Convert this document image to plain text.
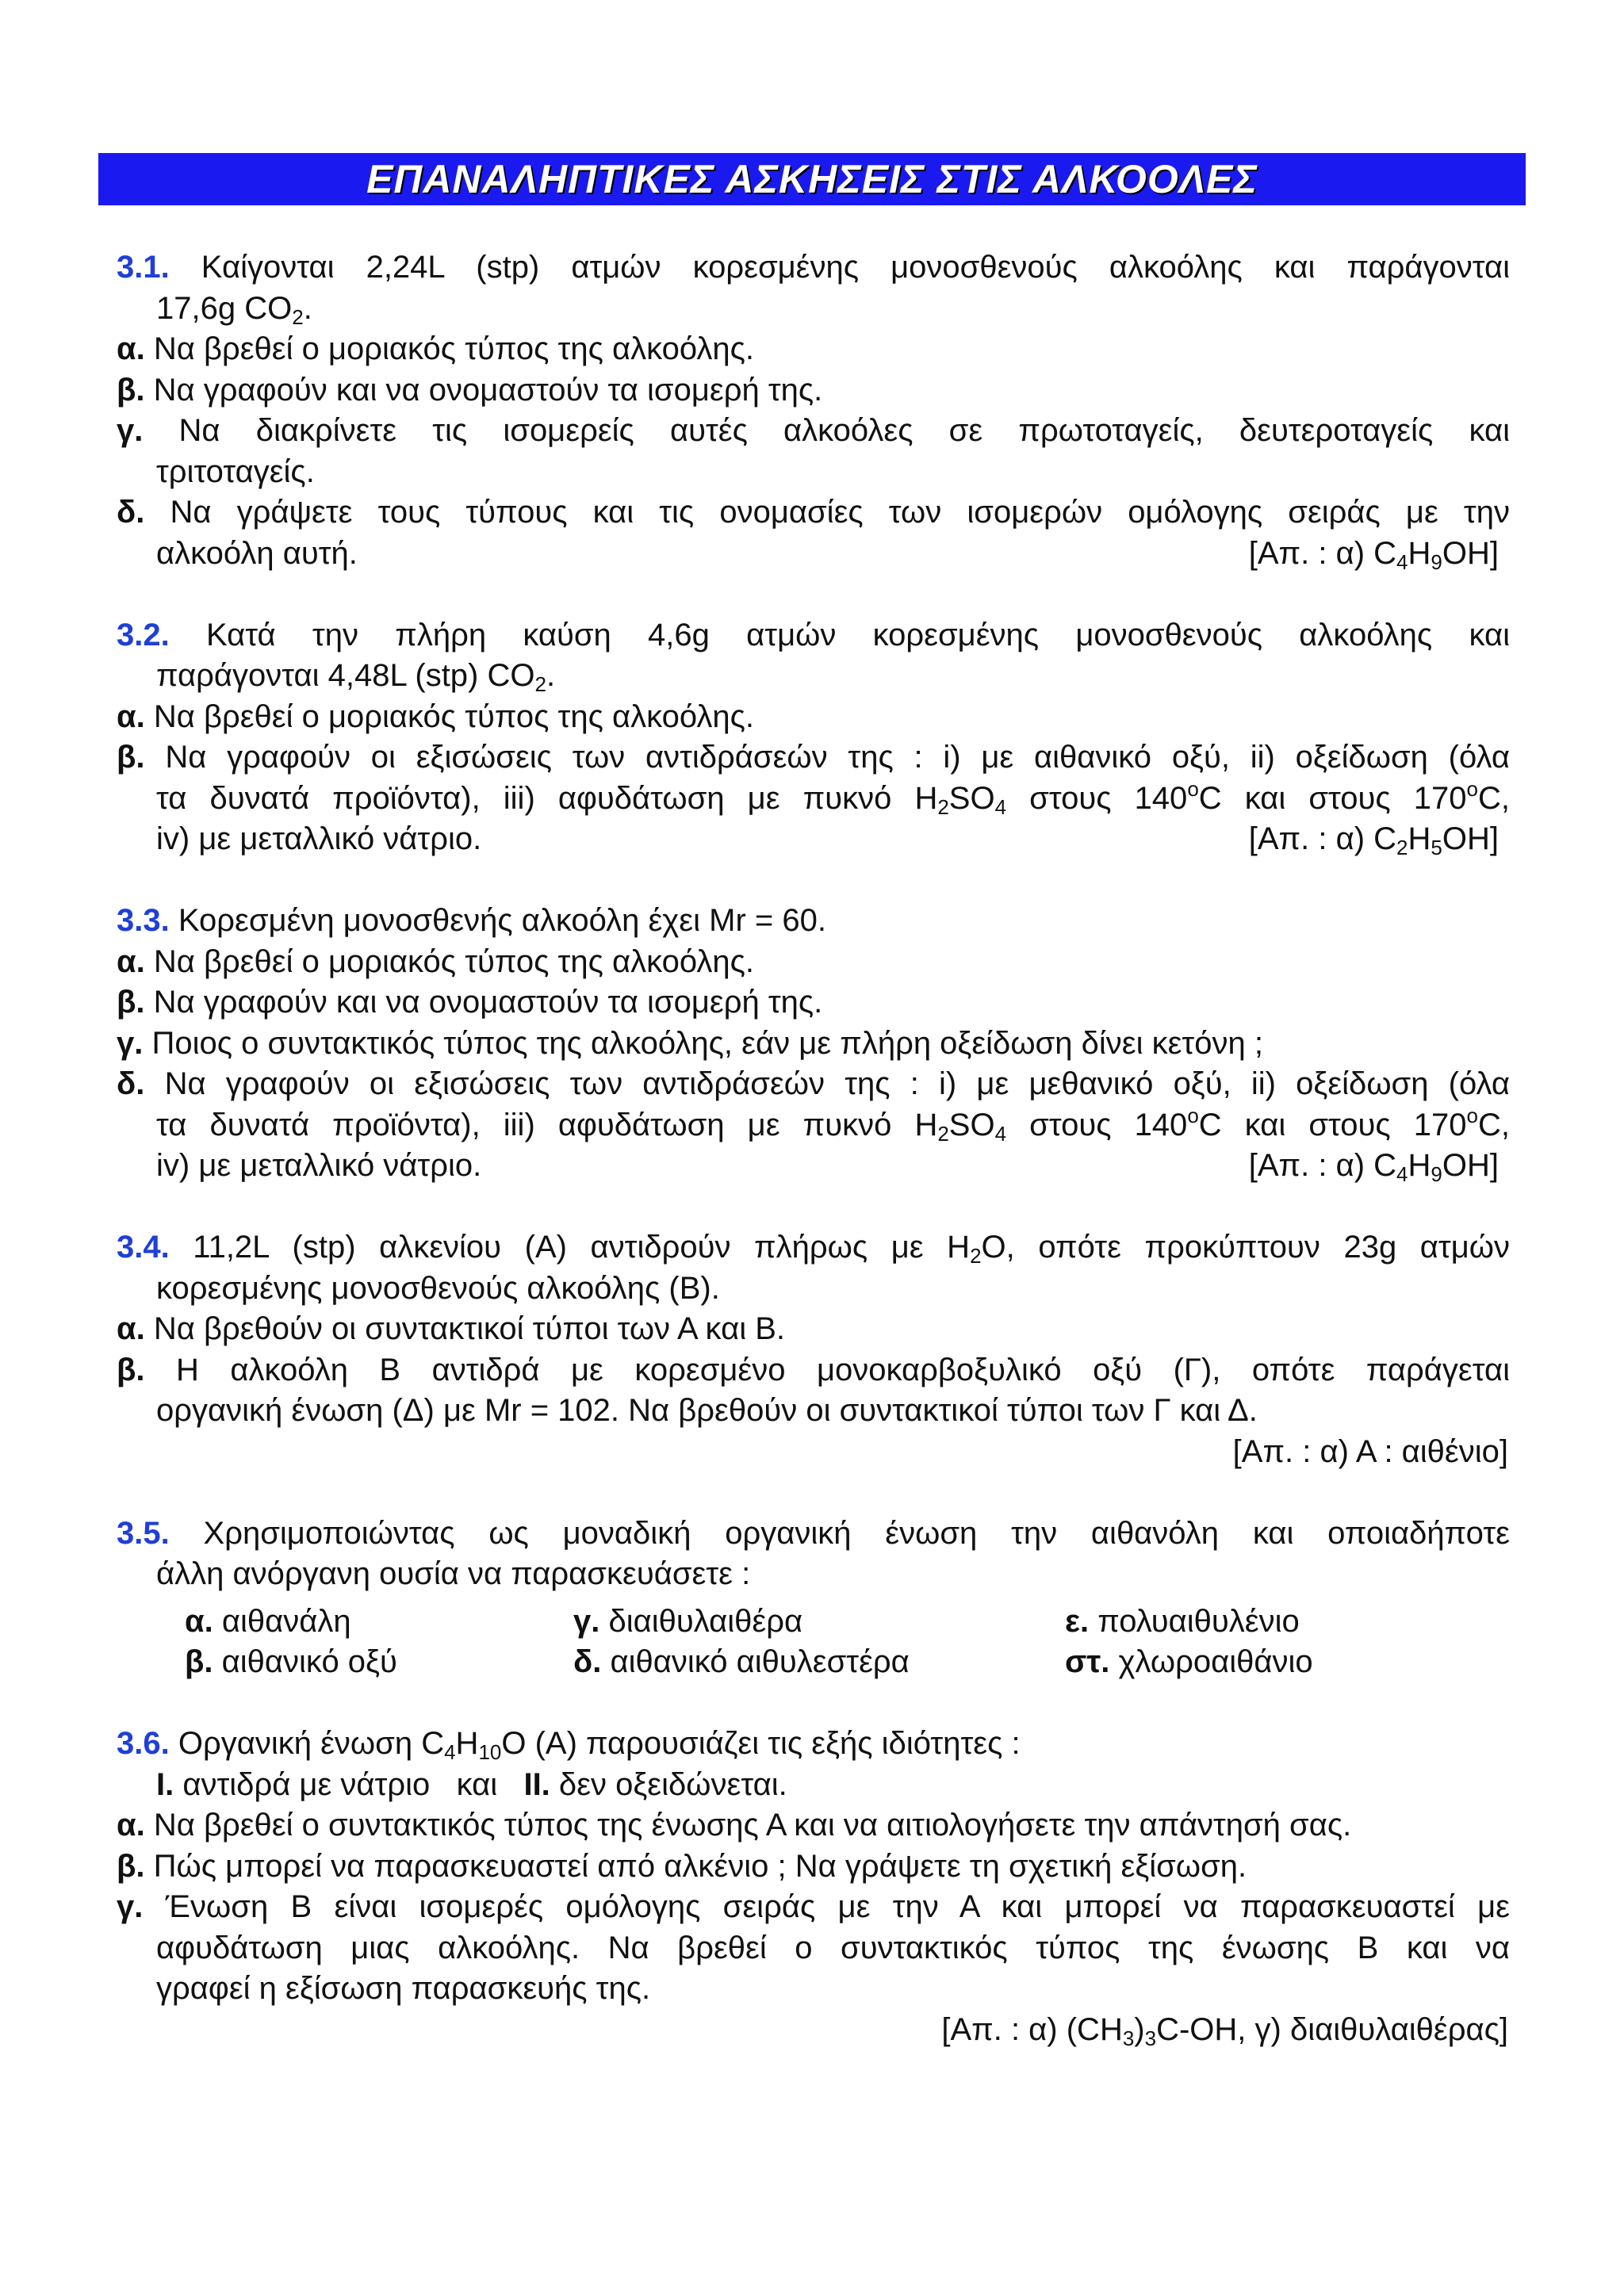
ΕΠΑΝΑΛΗΠΤΙΚΕΣ ΑΣΚΗΣΕΙΣ ΣΤΙΣ ΑΛΚΟΟΛΕΣ
3.1. Καίγονται 2,24L (stp) ατμών κορεσμένης μονοσθενούς αλκοόλης και παράγονται
17,6g $CO_2$.
α. Να βρεθεί ο μοριακός τύπος της αλκοόλης.
β. Να γραφούν και να ονομαστούν τα ισομερή της.
γ. Να διακρίνετε τις ισομερείς αυτές αλκοόλες σε πρωτοταγείς, δευτεροταγείς και
τριτοταγείς.
δ. Να γράψετε τους τύπους και τις ονομασίες των ισομερών ομόλογης σειράς με την
αλκοόλη αυτή.	[Απ. : α) $C_4H_9OH$]
3.2. Κατά την πλήρη καύση 4,6g ατμών κορεσμένης μονοσθενούς αλκοόλης και
παράγονται 4,48L (stp) $CO_2$.
α. Να βρεθεί ο μοριακός τύπος της αλκοόλης.
β. Να γραφούν οι εξισώσεις των αντιδράσεών της : i) με αιθανικό οξύ, ii) οξείδωση (όλα
τα δυνατά προϊόντα), iii) αφυδάτωση με πυκνό $H_2SO_4$ στους 140$^o$C και στους 170$^o$C,
iv) με μεταλλικό νάτριο.	[Απ. : α) $C_2H_5OH$]
3.3. Κορεσμένη μονοσθενής αλκοόλη έχει Mr = 60.
α. Να βρεθεί ο μοριακός τύπος της αλκοόλης.
β. Να γραφούν και να ονομαστούν τα ισομερή της.
γ. Ποιος ο συντακτικός τύπος της αλκοόλης, εάν με πλήρη οξείδωση δίνει κετόνη ;
δ. Να γραφούν οι εξισώσεις των αντιδράσεών της : i) με μεθανικό οξύ, ii) οξείδωση (όλα
τα δυνατά προϊόντα), iii) αφυδάτωση με πυκνό $H_2SO_4$ στους 140$^o$C και στους 170$^o$C,
iv) με μεταλλικό νάτριο.	[Απ. : α) $C_4H_9OH$]
3.4. 11,2L (stp) αλκενίου (Α) αντιδρούν πλήρως με $H_2O$, οπότε προκύπτουν 23g ατμών
κορεσμένης μονοσθενούς αλκοόλης (Β).
α. Να βρεθούν οι συντακτικοί τύποι των Α και Β.
β. Η αλκοόλη Β αντιδρά με κορεσμένο μονοκαρβοξυλικό οξύ (Γ), οπότε παράγεται
οργανική ένωση (Δ) με Mr = 102. Να βρεθούν οι συντακτικοί τύποι των Γ και Δ.
[Απ. : α) Α : αιθένιο]
3.5. Χρησιμοποιώντας ως μοναδική οργανική ένωση την αιθανόλη και οποιαδήποτε
άλλη ανόργανη ουσία να παρασκευάσετε :
α. αιθανάλη	γ. διαιθυλαιθέρα	ε. πολυαιθυλένιο
β. αιθανικό οξύ	δ. αιθανικό αιθυλεστέρα	στ. χλωροαιθάνιο
3.6. Οργανική ένωση $C_4H_{10}O$ (Α) παρουσιάζει τις εξής ιδιότητες :
I. αντιδρά με νάτριο και II. δεν οξειδώνεται.
α. Να βρεθεί ο συντακτικός τύπος της ένωσης Α και να αιτιολογήσετε την απάντησή σας.
β. Πώς μπορεί να παρασκευαστεί από αλκένιο ; Να γράψετε τη σχετική εξίσωση.
γ. Ένωση Β είναι ισομερές ομόλογης σειράς με την Α και μπορεί να παρασκευαστεί με
αφυδάτωση μιας αλκοόλης. Να βρεθεί ο συντακτικός τύπος της ένωσης Β και να
γραφεί η εξίσωση παρασκευής της.
[Απ. : α) $(CH_3)_3C-OH$, γ) διαιθυλαιθέρας]
